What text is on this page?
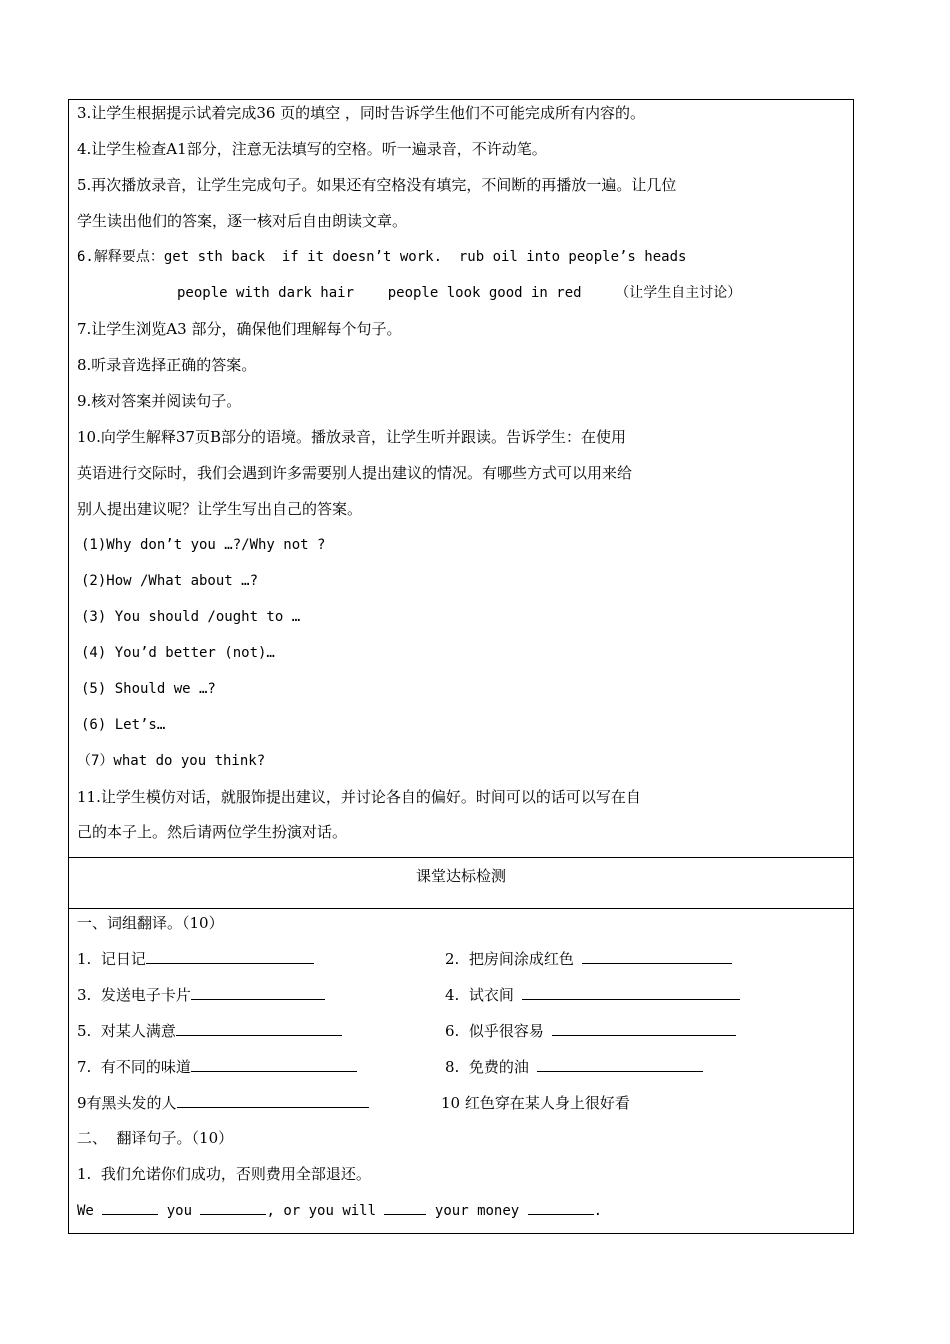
3.让学生根据提示试着完成36 页的填空 ，同时告诉学生他们不可能完成所有内容的。
4.让学生检查A1部分，注意无法填写的空格。听一遍录音，不许动笔。
5.再次播放录音，让学生完成句子。如果还有空格没有填完，不间断的再播放一遍。让几位
学生读出他们的答案，逐一核对后自由朗读文章。
6.解释要点：get sth back  if it doesn’t work.  rub oil into people’s heads
people with dark hair    people look good in red    （让学生自主讨论）
7.让学生浏览A3 部分，确保他们理解每个句子。
8.听录音选择正确的答案。
9.核对答案并阅读句子。
10.向学生解释37页B部分的语境。播放录音，让学生听并跟读。告诉学生：在使用
英语进行交际时，我们会遇到许多需要别人提出建议的情况。有哪些方式可以用来给
别人提出建议呢？让学生写出自己的答案。
(1)Why don’t you …?/Why not ?
(2)How /What about …?
(3) You should /ought to …
(4) You’d better (not)…
(5) Should we …?
(6) Let’s…
（7）what do you think?
11.让学生模仿对话，就服饰提出建议，并讨论各自的偏好。时间可以的话可以写在自
己的本子上。然后请两位学生扮演对话。
课堂达标检测
一、词组翻译。（10）
1.  记日记	2.  把房间涂成红色
3.  发送电子卡片	4.  试衣间
5.  对某人满意	6.  似乎很容易
7.  有不同的味道	8.  免费的油
9有黑头发的人	10 红色穿在某人身上很好看
二、  翻译句子。（10）
1.  我们允诺你们成功，否则费用全部退还。
We	you	, or you will	your money	.
